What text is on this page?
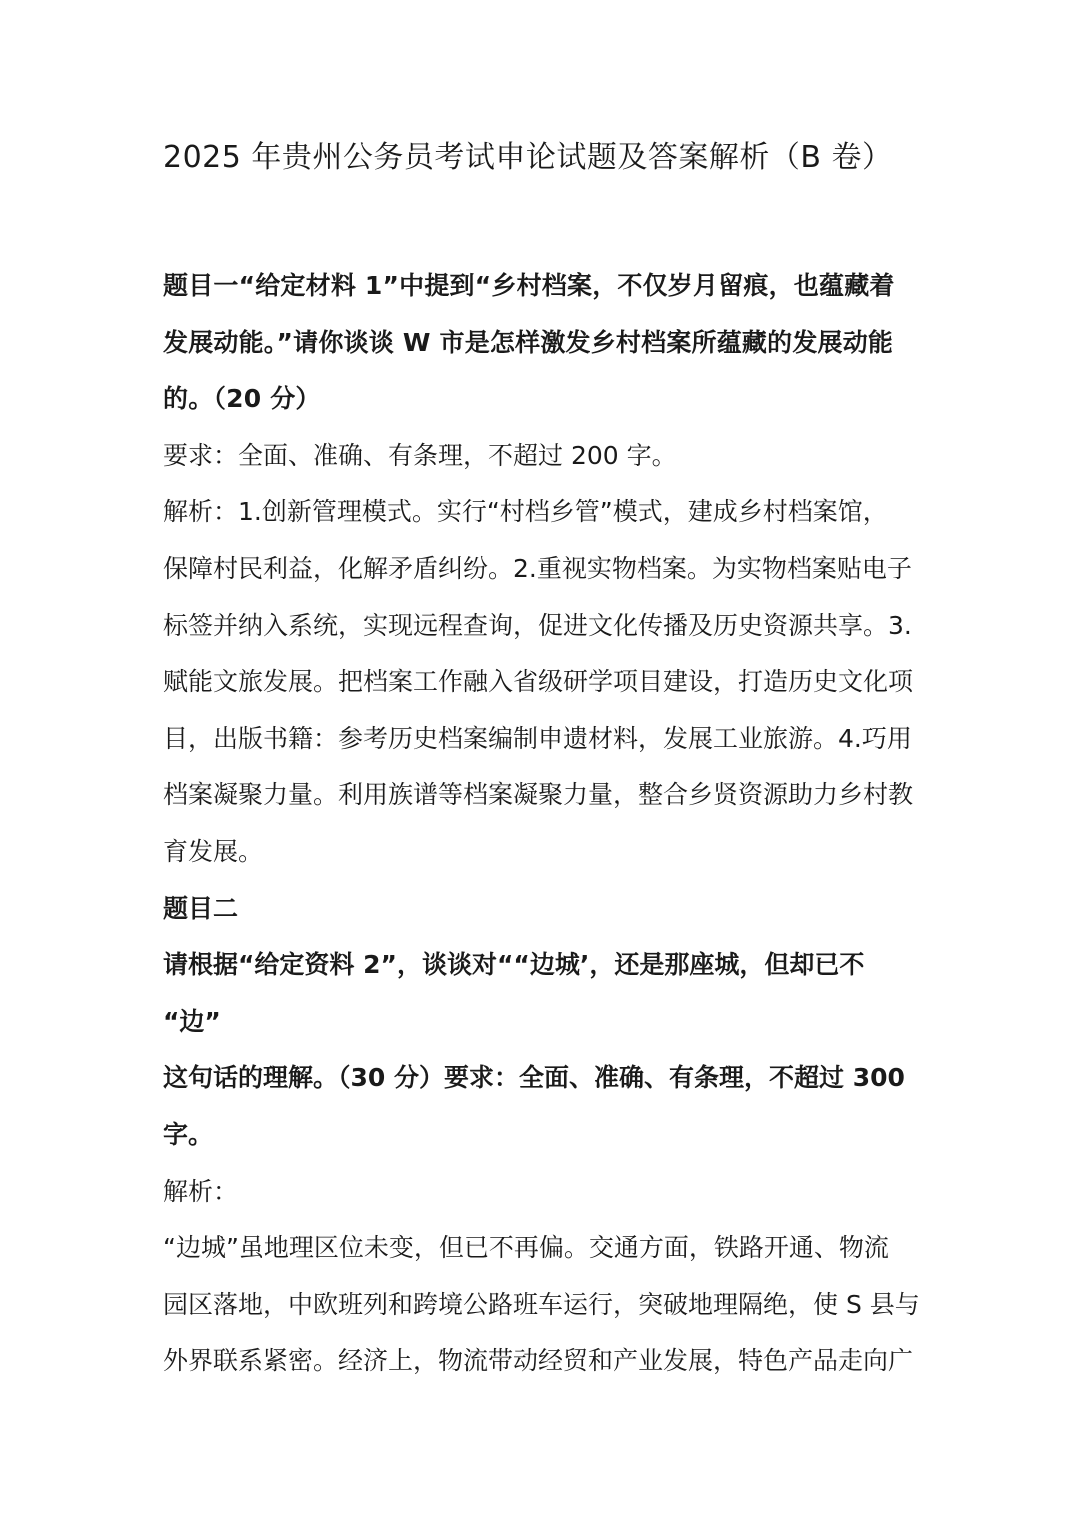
2025 年贵州公务员考试申论试题及答案解析（B 卷）
题目一“给定材料 1”中提到“乡村档案，不仅岁月留痕，也蕴藏着
发展动能。”请你谈谈 W 市是怎样激发乡村档案所蕴藏的发展动能
的。（20 分）
要求：全面、准确、有条理，不超过 200 字。
解析：1.创新管理模式。实行“村档乡管”模式，建成乡村档案馆，
保障村民利益，化解矛盾纠纷。2.重视实物档案。为实物档案贴电子
标签并纳入系统，实现远程查询，促进文化传播及历史资源共享。3.
赋能文旅发展。把档案工作融入省级研学项目建设，打造历史文化项
目，出版书籍：参考历史档案编制申遗材料，发展工业旅游。4.巧用
档案凝聚力量。利用族谱等档案凝聚力量，整合乡贤资源助力乡村教
育发展。
题目二
请根据“给定资料 2”，谈谈对““边城’，还是那座城，但却已不
“边”
这句话的理解。（30 分）要求：全面、准确、有条理，不超过 300
字。
解析：
“边城”虽地理区位未变，但已不再偏。交通方面，铁路开通、物流
园区落地，中欧班列和跨境公路班车运行，突破地理隔绝，使 S 县与
外界联系紧密。经济上，物流带动经贸和产业发展，特色产品走向广
